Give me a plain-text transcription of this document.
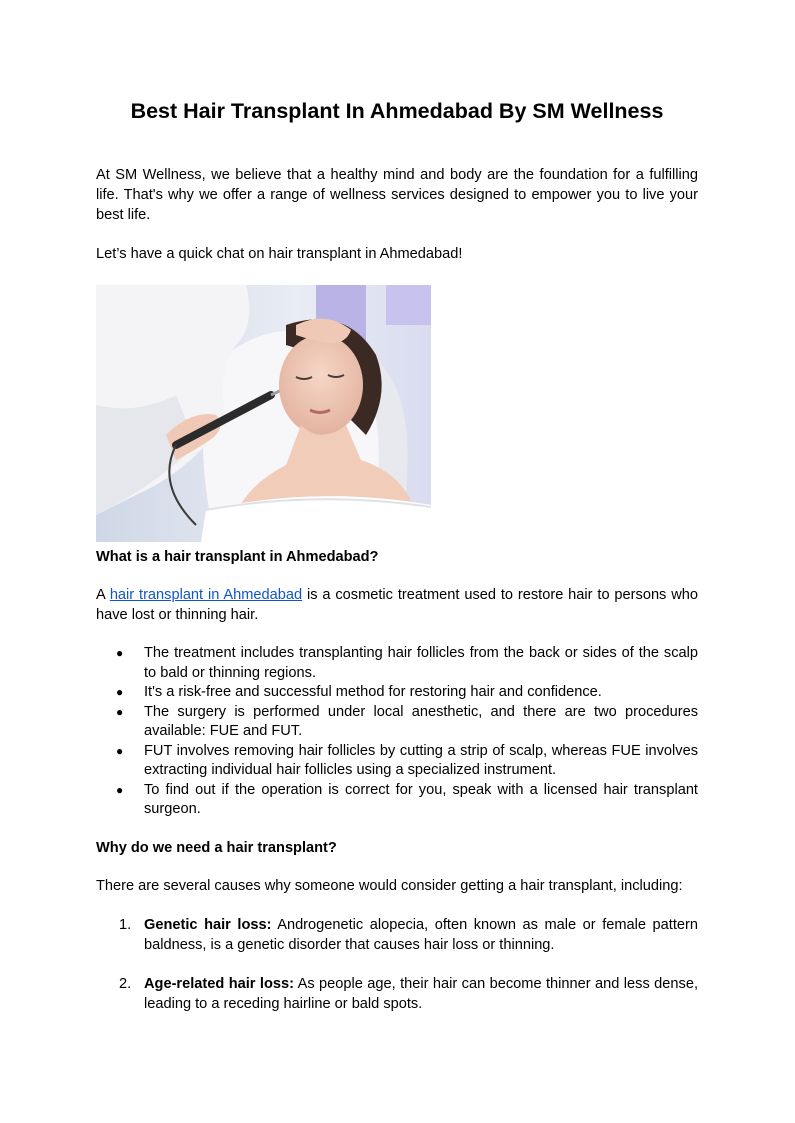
Best Hair Transplant In Ahmedabad By SM Wellness
At SM Wellness, we believe that a healthy mind and body are the foundation for a fulfilling life. That's why we offer a range of wellness services designed to empower you to live your best life.
Let’s have a quick chat on hair transplant in Ahmedabad!
What is a hair transplant in Ahmedabad?
A hair transplant in Ahmedabad is a cosmetic treatment used to restore hair to persons who have lost or thinning hair.
● The treatment includes transplanting hair follicles from the back or sides of the scalp to bald or thinning regions.
● It's a risk-free and successful method for restoring hair and confidence.
● The surgery is performed under local anesthetic, and there are two procedures available: FUE and FUT.
● FUT involves removing hair follicles by cutting a strip of scalp, whereas FUE involves extracting individual hair follicles using a specialized instrument.
● To find out if the operation is correct for you, speak with a licensed hair transplant surgeon.
Why do we need a hair transplant?
There are several causes why someone would consider getting a hair transplant, including:
1. Genetic hair loss: Androgenetic alopecia, often known as male or female pattern baldness, is a genetic disorder that causes hair loss or thinning.
2. Age-related hair loss: As people age, their hair can become thinner and less dense, leading to a receding hairline or bald spots.
